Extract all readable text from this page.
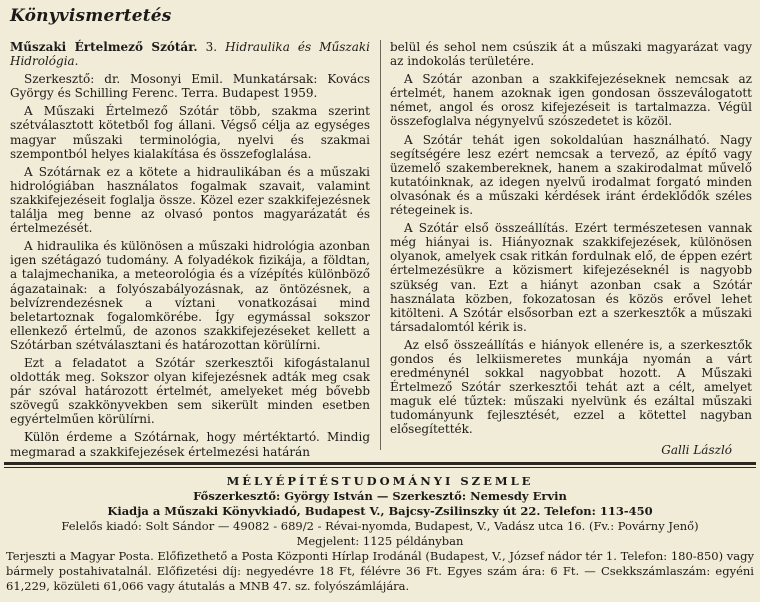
Könyvismertetés

Műszaki Értelmező Szótár. 3. Hidraulika és Műszaki Hidrológia.

Szerkesztő: dr. Mosonyi Emil. Munkatársak: Kovács György és Schilling Ferenc. Terra. Budapest 1959.

A Műszaki Értelmező Szótár több, szakma szerint szétválasztott kötetből fog állani. Végső célja az egységes magyar műszaki terminológia, nyelvi és szakmai szempontból helyes kialakítása és összefoglalása.

A Szótárnak ez a kötete a hidraulikában és a műszaki hidrológiában használatos fogalmak szavait, valamint szakkifejezéseit foglalja össze. Közel ezer szakkifejezésnek találja meg benne az olvasó pontos magyarázatát és értelmezését.

A hidraulika és különösen a műszaki hidrológia azonban igen szétágazó tudomány. A folyadékok fizikája, a földtan, a talajmechanika, a meteorológia és a vízépítés különböző ágazatainak: a folyószabályozásnak, az öntözésnek, a belvízrendezésnek a víztani vonatkozásai mind beletartoznak fogalomkörébe. Így egymással sokszor ellenkező értelmű, de azonos szakkifejezéseket kellett a Szótárban szétválasztani és határozottan körülírni.

Ezt a feladatot a Szótár szerkesztői kifogástalanul oldották meg. Sokszor olyan kifejezésnek adták meg csak pár szóval határozott értelmét, amelyeket még bővebb szövegű szakkönyvekben sem sikerült minden esetben egyértelműen körülírni.

Külön érdeme a Szótárnak, hogy mértéktartó. Mindig megmarad a szakkifejezések értelmezési határán

belül és sehol nem csúszik át a műszaki magyarázat vagy az indokolás területére.

A Szótár azonban a szakkifejezéseknek nemcsak az értelmét, hanem azoknak igen gondosan összeválogatott német, angol és orosz kifejezéseit is tartalmazza. Végül összefoglalva négynyelvű szószedetet is közöl.

A Szótár tehát igen sokoldalúan használható. Nagy segítségére lesz ezért nemcsak a tervező, az építő vagy üzemelő szakembereknek, hanem a szakirodalmat művelő kutatóinknak, az idegen nyelvű irodalmat forgató minden olvasónak és a műszaki kérdések iránt érdeklődők széles rétegeinek is.

A Szótár első összeállítás. Ezért természetesen vannak még hiányai is. Hiányoznak szakkifejezések, különösen olyanok, amelyek csak ritkán fordulnak elő, de éppen ezért értelmezésükre a közismert kifejezéseknél is nagyobb szükség van. Ezt a hiányt azonban csak a Szótár használata közben, fokozatosan és közös erővel lehet kitölteni. A Szótár elsősorban ezt a szerkesztők a műszaki társadalomtól kérik is.

Az első összeállítás e hiányok ellenére is, a szerkesztők gondos és lelkiismeretes munkája nyomán a várt eredménynél sokkal nagyobbat hozott. A Műszaki Értelmező Szótár szerkesztői tehát azt a célt, amelyet maguk elé tűztek: műszaki nyelvünk és ezáltal műszaki tudományunk fejlesztését, ezzel a kötettel nagyban elősegítették.

Galli László
MÉLYÉPÍTÉSTUDOMÁNYI SZEMLE
Főszerkesztő: György István — Szerkesztő: Nemesdy Ervin
Kiadja a Műszaki Könyvkiadó, Budapest V., Bajcsy-Zsilinszky út 22. Telefon: 113-450
Felelős kiadó: Solt Sándor — 49082 - 689/2 - Révai-nyomda, Budapest, V., Vadász utca 16. (Fv.: Povárny Jenő)
Megjelent: 1125 példányban
Terjeszti a Magyar Posta. Előfizethető a Posta Központi Hírlap Irodánál (Budapest, V., József nádor tér 1. Telefon: 180-850) vagy bármely postahivatalnál. Előfizetési díj: negyedévre 18 Ft, félévre 36 Ft. Egyes szám ára: 6 Ft. — Csekkszámlaszám: egyéni 61,229, közületi 61,066 vagy átutalás a MNB 47. sz. folyószámlájára.
